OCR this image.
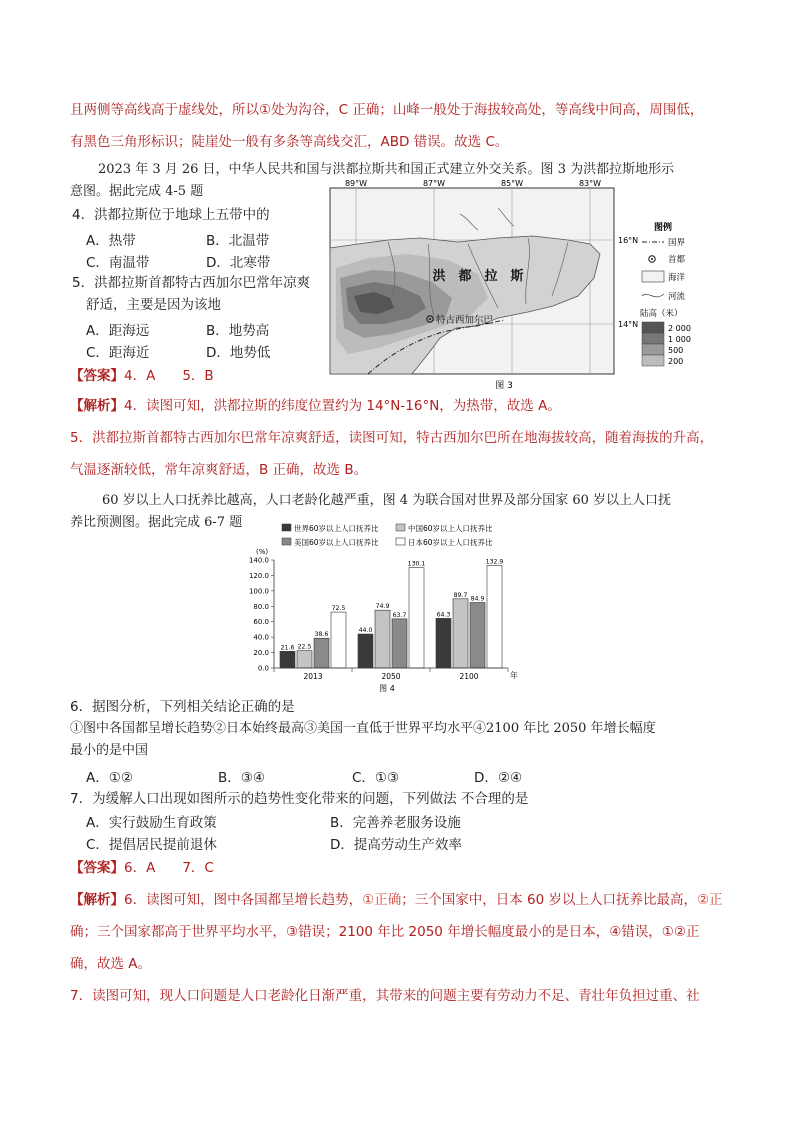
且两侧等高线高于虚线处，所以①处为沟谷，C 正确；山峰一般处于海拔较高处，等高线中间高，周围低，
有黑色三角形标识；陡崖处一般有多条等高线交汇，ABD 错误。故选 C。
2023 年 3 月 26 日，中华人民共和国与洪都拉斯共和国正式建立外交关系。图 3 为洪都拉斯地形示
意图。据此完成 4-5 题
4．洪都拉斯位于地球上五带中的
A．热带	B．北温带
C．南温带	D．北寒带
5．洪都拉斯首都特古西加尔巴常年凉爽
舒适，主要是因为该地
A．距海远	B．地势高
C．距海近	D．地势低
【答案】4．A　　5．B
洪　都　拉　斯
特古西加尔巴
89°W	87°W	85°W	83°W
16°N
14°N
图例
国界
首都
海洋
河流
陆高（米）
2 000
1 000
500
200
图 3
【解析】4．读图可知，洪都拉斯的纬度位置约为 14°N-16°N，为热带，故选 A。
5．洪都拉斯首都特古西加尔巴常年凉爽舒适，读图可知，特古西加尔巴所在地海拔较高，随着海拔的升高，
气温逐渐较低，常年凉爽舒适，B 正确，故选 B。
60 岁以上人口抚养比越高，人口老龄化越严重，图 4 为联合国对世界及部分国家 60 岁以上人口抚
养比预测图。据此完成 6-7 题	世界60岁以上人口抚养比	中国60岁以上人口抚养比
美国60岁以上人口抚养比	日本60岁以上人口抚养比
(%)
0.0
20.0
40.0
60.0
80.0
100.0
120.0
140.0
21.6 22.5
38.6
72.5
44.0
74.9
63.7
130.1
64.3
89.7
84.9
132.9
2013	2050	2100	年
图 4
6．据图分析，下列相关结论正确的是
①图中各国都呈增长趋势②日本始终最高③美国一直低于世界平均水平④2100 年比 2050 年增长幅度
最小的是中国
A．①②	B．③④	C．①③	D．②④
7．为缓解人口出现如图所示的趋势性变化带来的问题，下列做法 不合理的是
A．实行鼓励生育政策	B．完善养老服务设施
C．提倡居民提前退休	D．提高劳动生产效率
【答案】6．A　　7．C
【解析】6．读图可知，图中各国都呈增长趋势，①正确；三个国家中，日本 60 岁以上人口抚养比最高，②正
确；三个国家都高于世界平均水平，③错误；2100 年比 2050 年增长幅度最小的是日本，④错误，①②正
确，故选 A。
7．读图可知，现人口问题是人口老龄化日渐严重，其带来的问题主要有劳动力不足、青壮年负担过重、社
